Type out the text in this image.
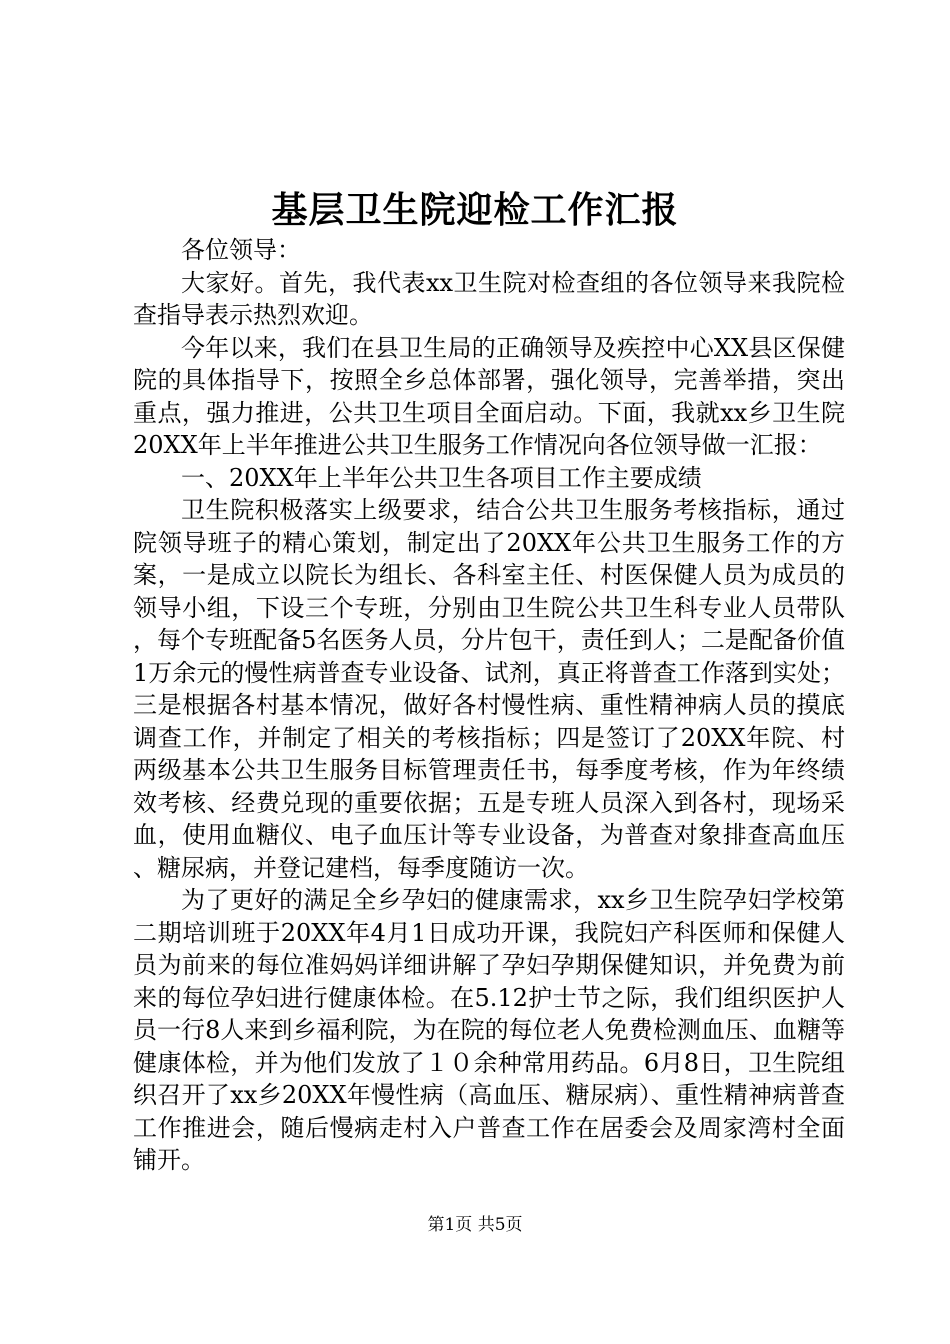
基层卫生院迎检工作汇报

各位领导：

大家好。首先，我代表xx卫生院对检查组的各位领导来我院检查指导表示热烈欢迎。

今年以来，我们在县卫生局的正确领导及疾控中心XX县区保健院的具体指导下，按照全乡总体部署，强化领导，完善举措，突出重点，强力推进，公共卫生项目全面启动。下面，我就xx乡卫生院20XX年上半年推进公共卫生服务工作情况向各位领导做一汇报：

一、20XX年上半年公共卫生各项目工作主要成绩

卫生院积极落实上级要求，结合公共卫生服务考核指标，通过院领导班子的精心策划，制定出了20XX年公共卫生服务工作的方案，一是成立以院长为组长、各科室主任、村医保健人员为成员的领导小组，下设三个专班，分别由卫生院公共卫生科专业人员带队，每个专班配备5名医务人员，分片包干，责任到人；二是配备价值1万余元的慢性病普查专业设备、试剂，真正将普查工作落到实处；三是根据各村基本情况，做好各村慢性病、重性精神病人员的摸底调查工作，并制定了相关的考核指标；四是签订了20XX年院、村两级基本公共卫生服务目标管理责任书，每季度考核，作为年终绩效考核、经费兑现的重要依据；五是专班人员深入到各村，现场采血，使用血糖仪、电子血压计等专业设备，为普查对象排查高血压、糖尿病，并登记建档，每季度随访一次。

为了更好的满足全乡孕妇的健康需求，xx乡卫生院孕妇学校第二期培训班于20XX年4月1日成功开课，我院妇产科医师和保健人员为前来的每位准妈妈详细讲解了孕妇孕期保健知识，并免费为前来的每位孕妇进行健康体检。在5.12护士节之际，我们组织医护人员一行8人来到乡福利院，为在院的每位老人免费检测血压、血糖等健康体检，并为他们发放了１０余种常用药品。6月8日，卫生院组织召开了xx乡20XX年慢性病（高血压、糖尿病）、重性精神病普查工作推进会，随后慢病走村入户普查工作在居委会及周家湾村全面铺开。

第1页 共5页
